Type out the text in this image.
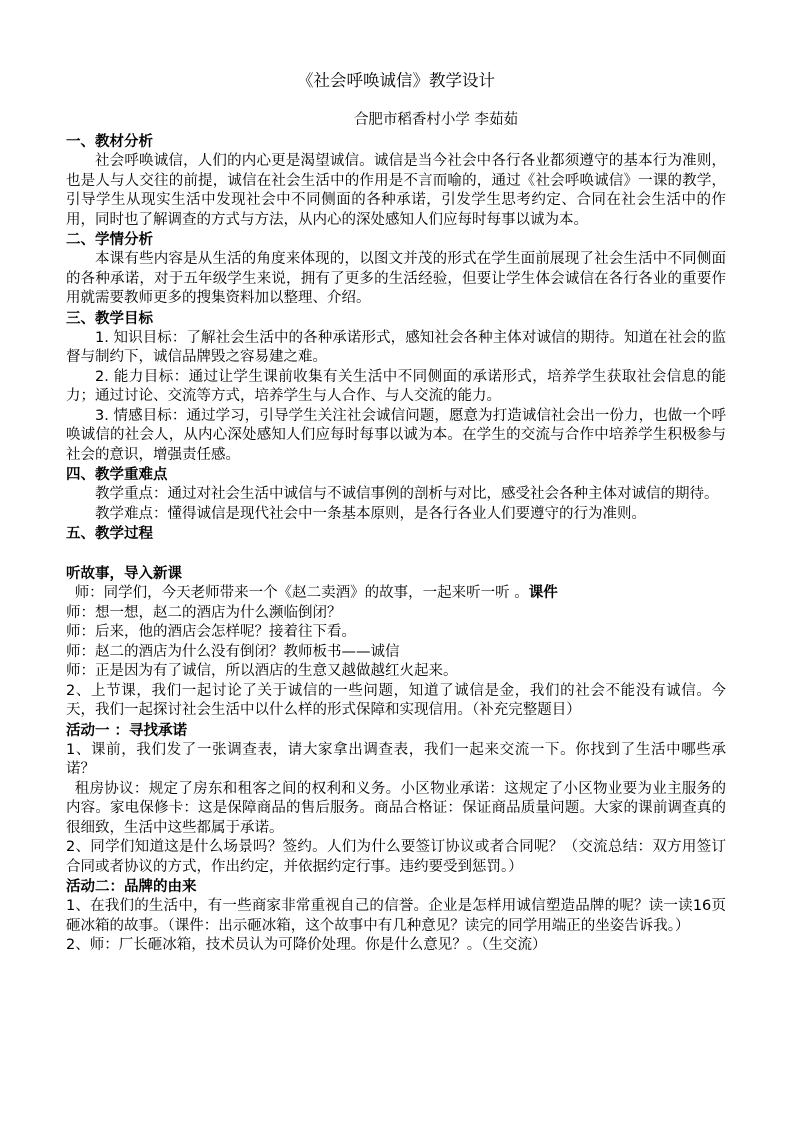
《社会呼唤诚信》教学设计
合肥市稻香村小学 李茹茹
一、教材分析

社会呼唤诚信，人们的内心更是渴望诚信。诚信是当今社会中各行各业都须遵守的基本行为准则，也是人与人交往的前提，诚信在社会生活中的作用是不言而喻的，通过《社会呼唤诚信》一课的教学，引导学生从现实生活中发现社会中不同侧面的各种承诺，引发学生思考约定、合同在社会生活中的作用，同时也了解调查的方式与方法，从内心的深处感知人们应每时每事以诚为本。

二、学情分析

本课有些内容是从生活的角度来体现的，以图文并茂的形式在学生面前展现了社会生活中不同侧面的各种承诺，对于五年级学生来说，拥有了更多的生活经验，但要让学生体会诚信在各行各业的重要作用就需要教师更多的搜集资料加以整理、介绍。

三、教学目标

1. 知识目标：了解社会生活中的各种承诺形式，感知社会各种主体对诚信的期待。知道在社会的监督与制约下，诚信品牌毁之容易建之难。

2. 能力目标：通过让学生课前收集有关生活中不同侧面的承诺形式，培养学生获取社会信息的能力；通过讨论、交流等方式，培养学生与人合作、与人交流的能力。

3. 情感目标：通过学习，引导学生关注社会诚信问题，愿意为打造诚信社会出一份力，也做一个呼唤诚信的社会人，从内心深处感知人们应每时每事以诚为本。在学生的交流与合作中培养学生积极参与社会的意识，增强责任感。

四、教学重难点

教学重点：通过对社会生活中诚信与不诚信事例的剖析与对比，感受社会各种主体对诚信的期待。

教学难点：懂得诚信是现代社会中一条基本原则，是各行各业人们要遵守的行为准则。

五、教学过程
听故事，导入新课

师：同学们，今天老师带来一个《赵二卖酒》的故事，一起来听一听 。课件

师：想一想，赵二的酒店为什么濒临倒闭？

师：后来，他的酒店会怎样呢？接着往下看。

师：赵二的酒店为什么没有倒闭？教师板书——诚信

师：正是因为有了诚信，所以酒店的生意又越做越红火起来。

2、上节课，我们一起讨论了关于诚信的一些问题，知道了诚信是金，我们的社会不能没有诚信。今天，我们一起探讨社会生活中以什么样的形式保障和实现信用。（补充完整题目）

活动一 ：寻找承诺

1、课前，我们发了一张调查表，请大家拿出调查表，我们一起来交流一下。你找到了生活中哪些承诺？

租房协议：规定了房东和租客之间的权利和义务。小区物业承诺：这规定了小区物业要为业主服务的内容。家电保修卡：这是保障商品的售后服务。商品合格证：保证商品质量问题。大家的课前调查真的很细致，生活中这些都属于承诺。

2、同学们知道这是什么场景吗？签约。人们为什么要签订协议或者合同呢？（交流总结：双方用签订合同或者协议的方式，作出约定，并依据约定行事。违约要受到惩罚。）

活动二：品牌的由来

1、在我们的生活中，有一些商家非常重视自己的信誉。企业是怎样用诚信塑造品牌的呢？读一读16页砸冰箱的故事。（课件：出示砸冰箱，这个故事中有几种意见？读完的同学用端正的坐姿告诉我。）

2、师：厂长砸冰箱，技术员认为可降价处理。你是什么意见？。（生交流）
